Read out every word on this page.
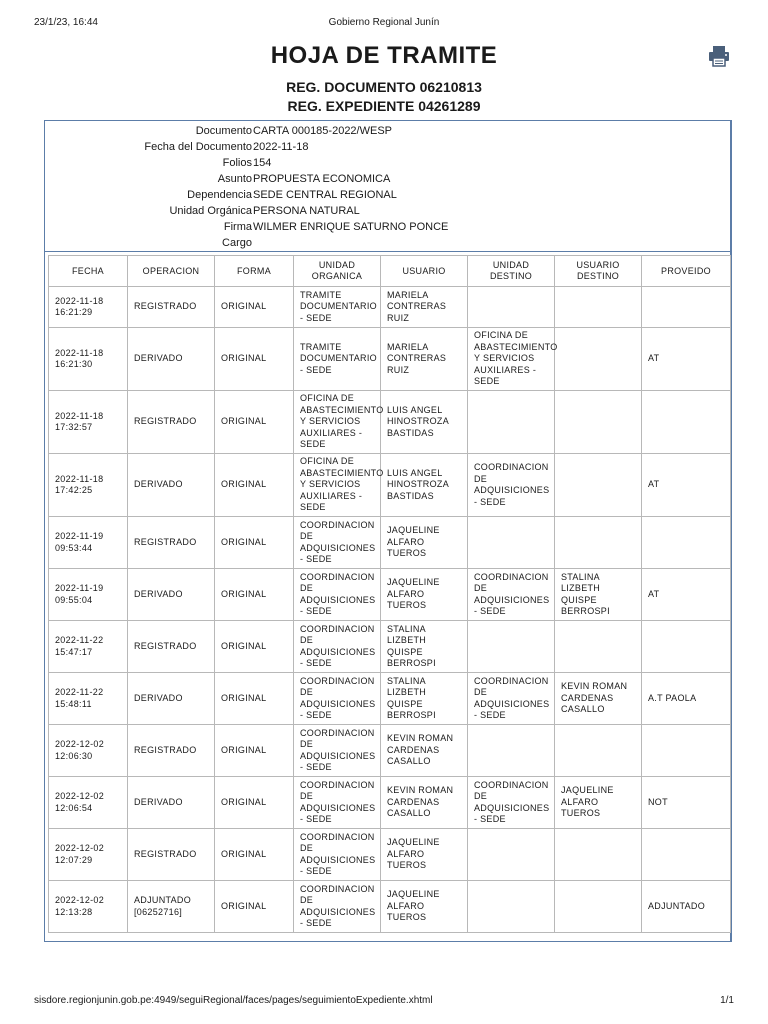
23/1/23, 16:44	Gobierno Regional Junín
HOJA DE TRAMITE
REG. DOCUMENTO 06210813
REG. EXPEDIENTE 04261289
Documento CARTA 000185-2022/WESP
Fecha del Documento 2022-11-18
Folios 154
Asunto PROPUESTA ECONOMICA
Dependencia SEDE CENTRAL REGIONAL
Unidad Orgánica PERSONA NATURAL
Firma WILMER ENRIQUE SATURNO PONCE
Cargo
FECHA	OPERACION	FORMA	UNIDAD ORGANICA	USUARIO	UNIDAD DESTINO	USUARIO DESTINO	PROVEIDO

2022-11-18 16:21:29	REGISTRADO	ORIGINAL	TRAMITE DOCUMENTARIO - SEDE	MARIELA CONTRERAS RUIZ			

2022-11-18 16:21:30	DERIVADO	ORIGINAL	TRAMITE DOCUMENTARIO - SEDE	MARIELA CONTRERAS RUIZ	OFICINA DE ABASTECIMIENTO Y SERVICIOS AUXILIARES - SEDE		AT

2022-11-18 17:32:57	REGISTRADO	ORIGINAL	OFICINA DE ABASTECIMIENTO Y SERVICIOS AUXILIARES - SEDE	LUIS ANGEL HINOSTROZA BASTIDAS			

2022-11-18 17:42:25	DERIVADO	ORIGINAL	OFICINA DE ABASTECIMIENTO Y SERVICIOS AUXILIARES - SEDE	LUIS ANGEL HINOSTROZA BASTIDAS	COORDINACION DE ADQUISICIONES - SEDE		AT

2022-11-19 09:53:44	REGISTRADO	ORIGINAL	COORDINACION DE ADQUISICIONES - SEDE	JAQUELINE ALFARO TUEROS			

2022-11-19 09:55:04	DERIVADO	ORIGINAL	COORDINACION DE ADQUISICIONES - SEDE	JAQUELINE ALFARO TUEROS	COORDINACION DE ADQUISICIONES - SEDE	STALINA LIZBETH QUISPE BERROSPI	AT

2022-11-22 15:47:17	REGISTRADO	ORIGINAL	COORDINACION DE ADQUISICIONES - SEDE	STALINA LIZBETH QUISPE BERROSPI			

2022-11-22 15:48:11	DERIVADO	ORIGINAL	COORDINACION DE ADQUISICIONES - SEDE	STALINA LIZBETH QUISPE BERROSPI	COORDINACION DE ADQUISICIONES - SEDE	KEVIN ROMAN CARDENAS CASALLO	A.T PAOLA

2022-12-02 12:06:30	REGISTRADO	ORIGINAL	COORDINACION DE ADQUISICIONES - SEDE	KEVIN ROMAN CARDENAS CASALLO			

2022-12-02 12:06:54	DERIVADO	ORIGINAL	COORDINACION DE ADQUISICIONES - SEDE	KEVIN ROMAN CARDENAS CASALLO	COORDINACION DE ADQUISICIONES - SEDE	JAQUELINE ALFARO TUEROS	NOT

2022-12-02 12:07:29	REGISTRADO	ORIGINAL	COORDINACION DE ADQUISICIONES - SEDE	JAQUELINE ALFARO TUEROS			

2022-12-02 12:13:28	ADJUNTADO [06252716]	ORIGINAL	COORDINACION DE ADQUISICIONES - SEDE	JAQUELINE ALFARO TUEROS			ADJUNTADO
sisdore.regionjunin.gob.pe:4949/seguiRegional/faces/pages/seguimientoExpediente.xhtml	1/1
